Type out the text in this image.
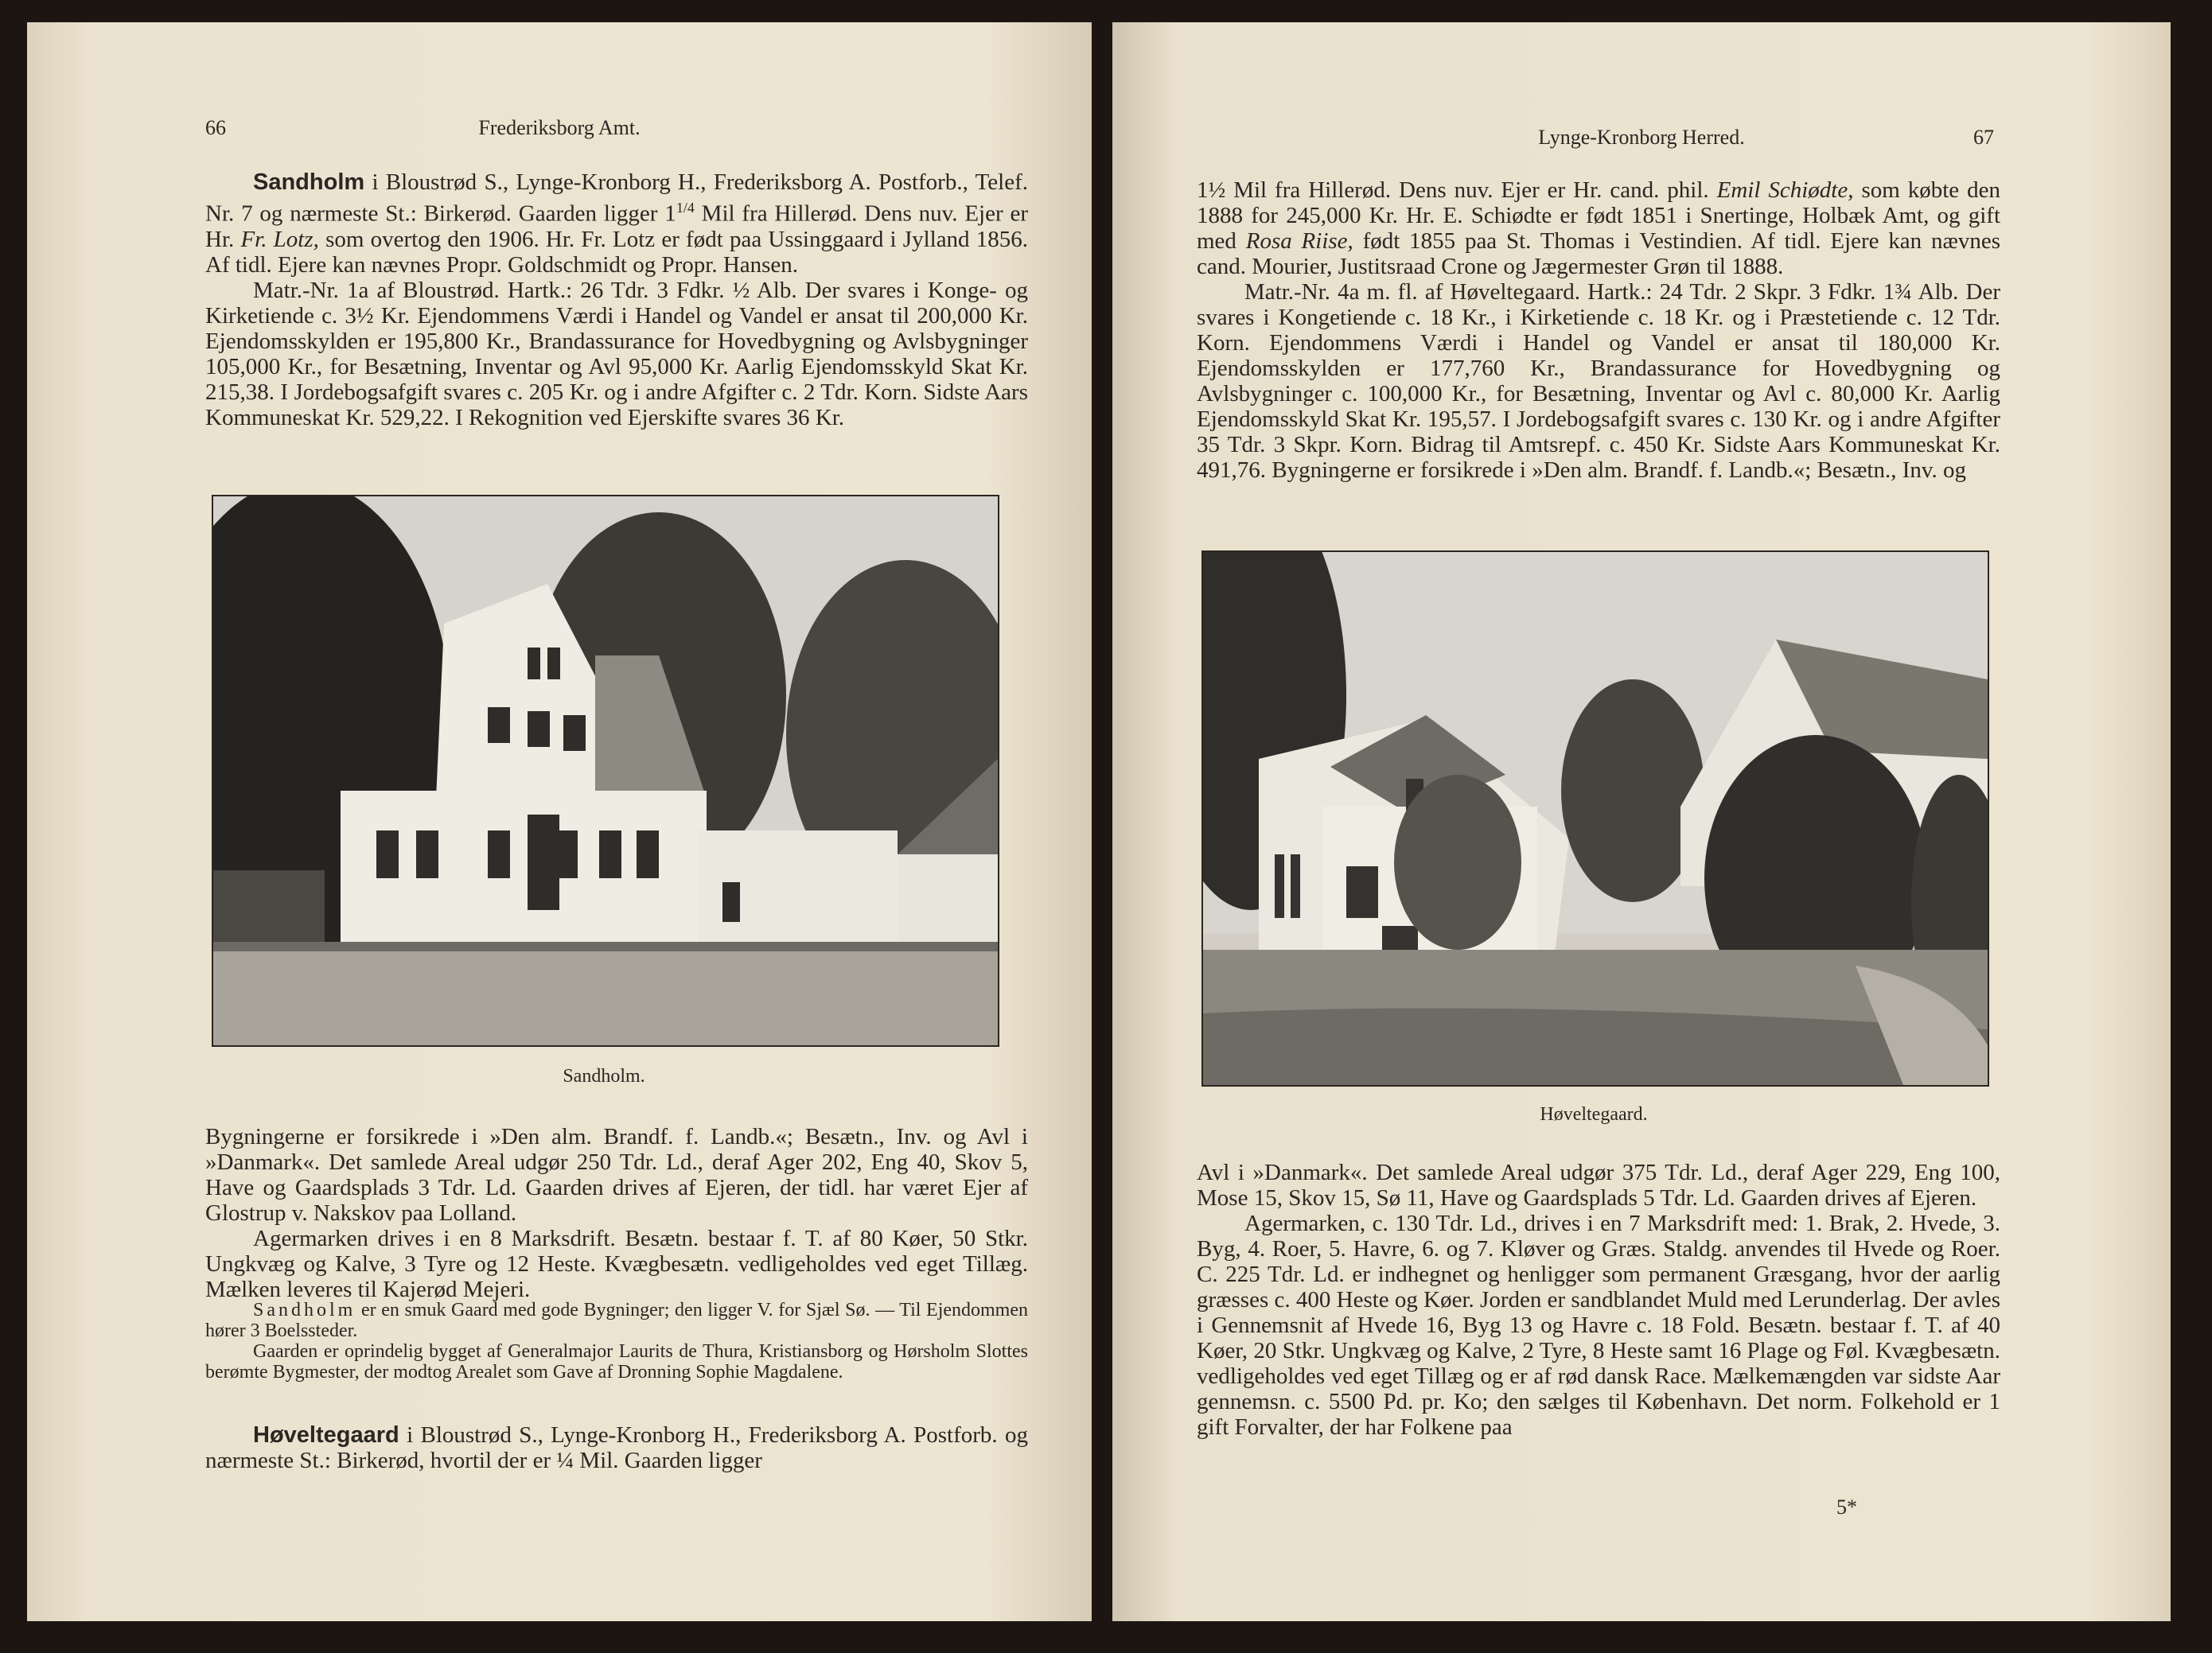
66	Frederiksborg Amt.

Sandholm i Bloustrød S., Lynge-Kronborg H., Frederiksborg A. Postforb., Telef. Nr. 7 og nærmeste St.: Birkerød. Gaarden ligger $1^{1/4}$ Mil fra Hillerød. Dens nuv. Ejer er Hr. Fr. Lotz, som overtog den 1906. Hr. Fr. Lotz er født paa Ussinggaard i Jylland 1856. Af tidl. Ejere kan nævnes Propr. Goldschmidt og Propr. Hansen.

Matr.-Nr. 1a af Bloustrød. Hartk.: 26 Tdr. 3 Fdkr. ½ Alb. Der svares i Konge- og Kirketiende c. 3½ Kr. Ejendommens Værdi i Handel og Vandel er ansat til 200,000 Kr. Ejendomsskylden er 195,800 Kr., Brandassurance for Hovedbygning og Avlsbygninger 105,000 Kr., for Besætning, Inventar og Avl 95,000 Kr. Aarlig Ejendomsskyld Skat Kr. 215,38. I Jordebogsafgift svares c. 205 Kr. og i andre Afgifter c. 2 Tdr. Korn. Sidste Aars Kommuneskat Kr. 529,22. I Rekognition ved Ejerskifte svares 36 Kr.

Sandholm.

Bygningerne er forsikrede i »Den alm. Brandf. f. Landb.«; Besætn., Inv. og Avl i »Danmark«. Det samlede Areal udgør 250 Tdr. Ld., deraf Ager 202, Eng 40, Skov 5, Have og Gaardsplads 3 Tdr. Ld. Gaarden drives af Ejeren, der tidl. har været Ejer af Glostrup v. Nakskov paa Lolland.

Agermarken drives i en 8 Marksdrift. Besætn. bestaar f. T. af 80 Køer, 50 Stkr. Ungkvæg og Kalve, 3 Tyre og 12 Heste. Kvægbesætn. vedligeholdes ved eget Tillæg. Mælken leveres til Kajerød Mejeri.

Sandholm er en smuk Gaard med gode Bygninger; den ligger V. for Sjæl Sø. — Til Ejendommen hører 3 Boelssteder.

Gaarden er oprindelig bygget af Generalmajor Laurits de Thura, Kristiansborg og Hørsholm Slottes berømte Bygmester, der modtog Arealet som Gave af Dronning Sophie Magdalene.

Høveltegaard i Bloustrød S., Lynge-Kronborg H., Frederiksborg A. Postforb. og nærmeste St.: Birkerød, hvortil der er ¼ Mil. Gaarden ligger

Lynge-Kronborg Herred.	67

1½ Mil fra Hillerød. Dens nuv. Ejer er Hr. cand. phil. Emil Schiødte, som købte den 1888 for 245,000 Kr. Hr. E. Schiødte er født 1851 i Snertinge, Holbæk Amt, og gift med Rosa Riise, født 1855 paa St. Thomas i Vestindien. Af tidl. Ejere kan nævnes cand. Mourier, Justitsraad Crone og Jægermester Grøn til 1888.

Matr.-Nr. 4a m. fl. af Høveltegaard. Hartk.: 24 Tdr. 2 Skpr. 3 Fdkr. 1¾ Alb. Der svares i Kongetiende c. 18 Kr., i Kirketiende c. 18 Kr. og i Præstetiende c. 12 Tdr. Korn. Ejendommens Værdi i Handel og Vandel er ansat til 180,000 Kr. Ejendomsskylden er 177,760 Kr., Brandassurance for Hovedbygning og Avlsbygninger c. 100,000 Kr., for Besætning, Inventar og Avl c. 80,000 Kr. Aarlig Ejendomsskyld Skat Kr. 195,57. I Jordebogsafgift svares c. 130 Kr. og i andre Afgifter 35 Tdr. 3 Skpr. Korn. Bidrag til Amtsrepf. c. 450 Kr. Sidste Aars Kommuneskat Kr. 491,76. Bygningerne er forsikrede i »Den alm. Brandf. f. Landb.«; Besætn., Inv. og

Høveltegaard.

Avl i »Danmark«. Det samlede Areal udgør 375 Tdr. Ld., deraf Ager 229, Eng 100, Mose 15, Skov 15, Sø 11, Have og Gaardsplads 5 Tdr. Ld. Gaarden drives af Ejeren.

Agermarken, c. 130 Tdr. Ld., drives i en 7 Marksdrift med: 1. Brak, 2. Hvede, 3. Byg, 4. Roer, 5. Havre, 6. og 7. Kløver og Græs. Staldg. anvendes til Hvede og Roer. C. 225 Tdr. Ld. er indhegnet og henligger som permanent Græsgang, hvor der aarlig græsses c. 400 Heste og Køer. Jorden er sandblandet Muld med Lerunderlag. Der avles i Gennemsnit af Hvede 16, Byg 13 og Havre c. 18 Fold. Besætn. bestaar f. T. af 40 Køer, 20 Stkr. Ungkvæg og Kalve, 2 Tyre, 8 Heste samt 16 Plage og Føl. Kvægbesætn. vedligeholdes ved eget Tillæg og er af rød dansk Race. Mælkemængden var sidste Aar gennemsn. c. 5500 Pd. pr. Ko; den sælges til København. Det norm. Folkehold er 1 gift Forvalter, der har Folkene paa

5*
